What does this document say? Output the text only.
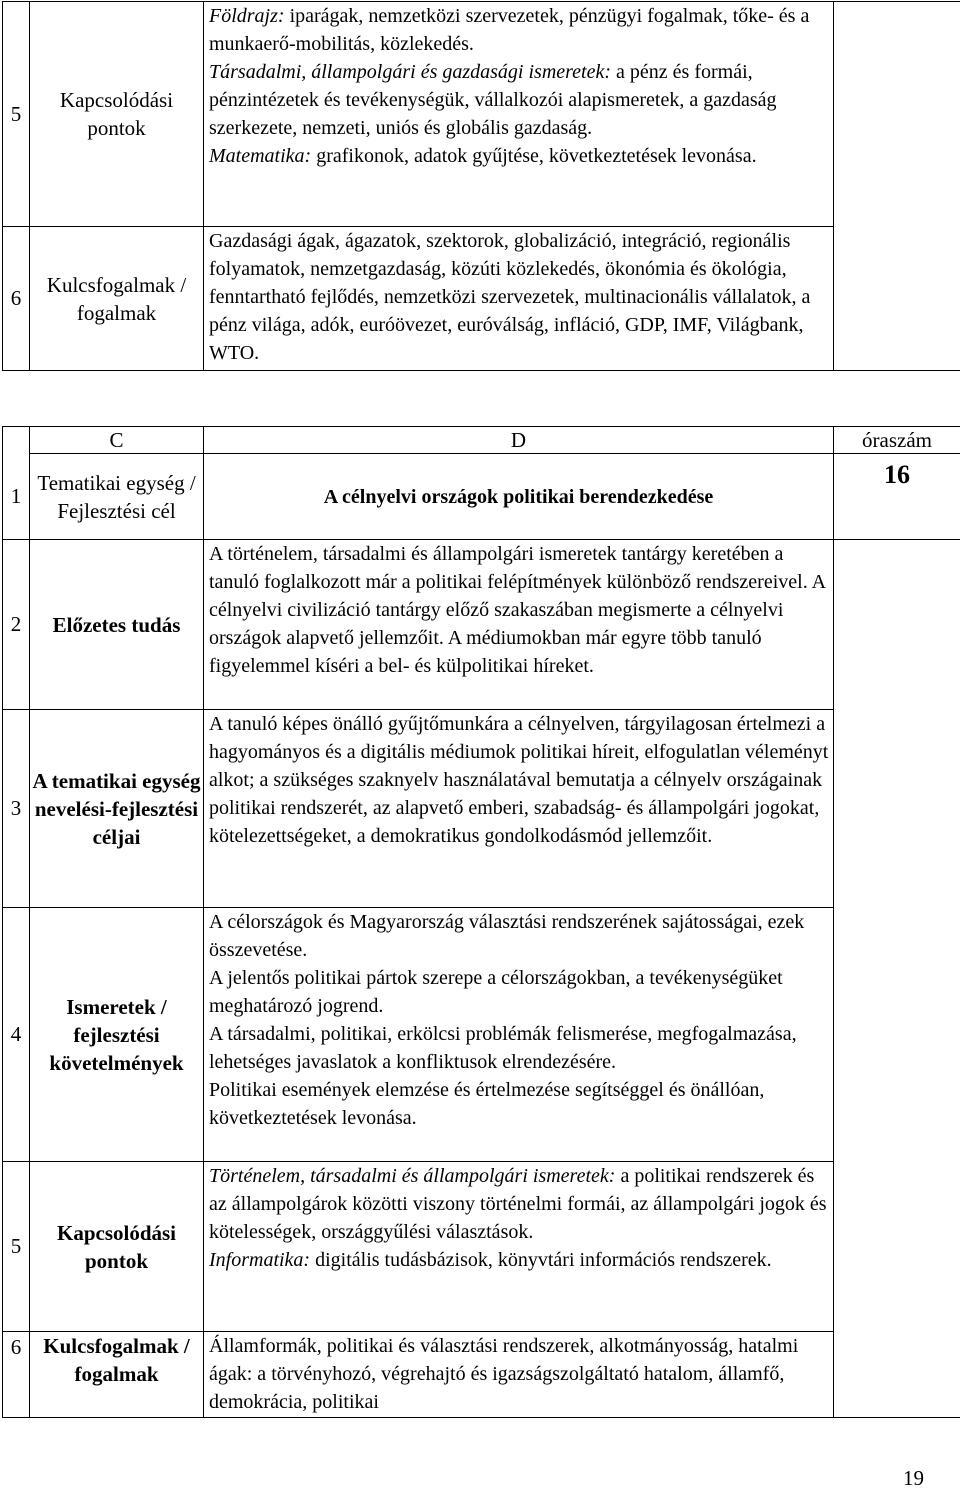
5	Kapcsolódási pontok	Földrajz: iparágak, nemzetközi szervezetek, pénzügyi fogalmak, tőke- és a munkaerő-mobilitás, közlekedés.
Társadalmi, állampolgári és gazdasági ismeretek: a pénz és formái, pénzintézetek és tevékenységük, vállalkozói alapismeretek, a gazdaság szerkezete, nemzeti, uniós és globális gazdaság.
Matematika: grafikonok, adatok gyűjtése, következtetések levonása.	
6	Kulcsfogalmak / fogalmak	Gazdasági ágak, ágazatok, szektorok, globalizáció, integráció, regionális folyamatok, nemzetgazdaság, közúti közlekedés, ökonómia és ökológia, fenntartható fejlődés, nemzetközi szervezetek, multinacionális vállalatok, a pénz világa, adók, euróövezet, euróválság, infláció, GDP, IMF, Világbank, WTO.	
	C	D	óraszám
1	Tematikai egység / Fejlesztési cél	A célnyelvi országok politikai berendezkedése	16
2	Előzetes tudás	A történelem, társadalmi és állampolgári ismeretek tantárgy keretében a tanuló foglalkozott már a politikai felépítmények különböző rendszereivel. A célnyelvi civilizáció tantárgy előző szakaszában megismerte a célnyelvi országok alapvető jellemzőit. A médiumokban már egyre több tanuló figyelemmel kíséri a bel- és külpolitikai híreket.	
3	A tematikai egység nevelési-fejlesztési céljai	A tanuló képes önálló gyűjtőmunkára a célnyelven, tárgyilagosan értelmezi a hagyományos és a digitális médiumok politikai híreit, elfogulatlan véleményt alkot; a szükséges szaknyelv használatával bemutatja a célnyelv országainak politikai rendszerét, az alapvető emberi, szabadság- és állampolgári jogokat, kötelezettségeket, a demokratikus gondolkodásmód jellemzőit.	
4	Ismeretek / fejlesztési követelmények	A célországok és Magyarország választási rendszerének sajátosságai, ezek összevetése.
A jelentős politikai pártok szerepe a célországokban, a tevékenységüket meghatározó jogrend.
A társadalmi, politikai, erkölcsi problémák felismerése, megfogalmazása, lehetséges javaslatok a konfliktusok elrendezésére.
Politikai események elemzése és értelmezése segítséggel és önállóan, következtetések levonása.	

5	Kapcsolódási pontok	Történelem, társadalmi és állampolgári ismeretek: a politikai rendszerek és az állampolgárok közötti viszony történelmi formái, az állampolgári jogok és kötelességek, országgyűlési választások.
Informatika: digitális tudásbázisok, könyvtári információs rendszerek.	
6	Kulcsfogalmak / fogalmak	Államformák, politikai és választási rendszerek, alkotmányosság, hatalmi ágak: a törvényhozó, végrehajtó és igazságszolgáltató hatalom, államfő, demokrácia, politikai	
19
